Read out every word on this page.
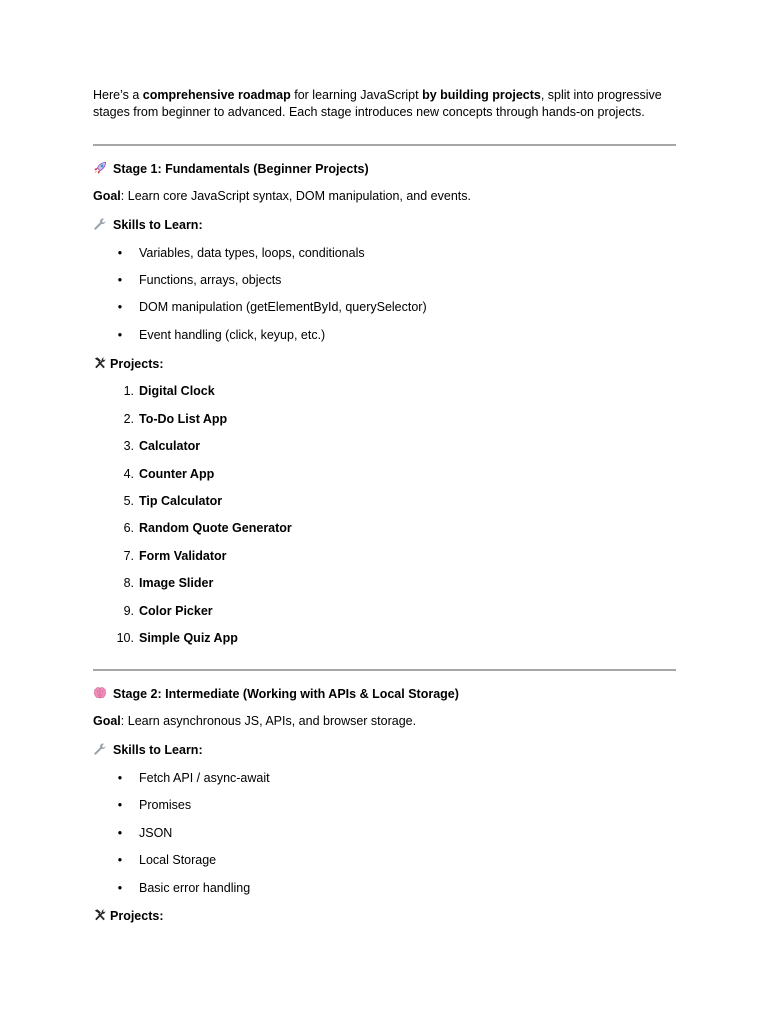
Here’s a comprehensive roadmap for learning JavaScript by building projects, split into progressive stages from beginner to advanced. Each stage introduces new concepts through hands-on projects.
Stage 1: Fundamentals (Beginner Projects)
Goal: Learn core JavaScript syntax, DOM manipulation, and events.
Skills to Learn:
• Variables, data types, loops, conditionals
• Functions, arrays, objects
• DOM manipulation (getElementById, querySelector)
• Event handling (click, keyup, etc.)
Projects:
1. Digital Clock
2. To-Do List App
3. Calculator
4. Counter App
5. Tip Calculator
6. Random Quote Generator
7. Form Validator
8. Image Slider
9. Color Picker
10. Simple Quiz App
Stage 2: Intermediate (Working with APIs & Local Storage)
Goal: Learn asynchronous JS, APIs, and browser storage.
Skills to Learn:
• Fetch API / async-await
• Promises
• JSON
• Local Storage
• Basic error handling
Projects:
